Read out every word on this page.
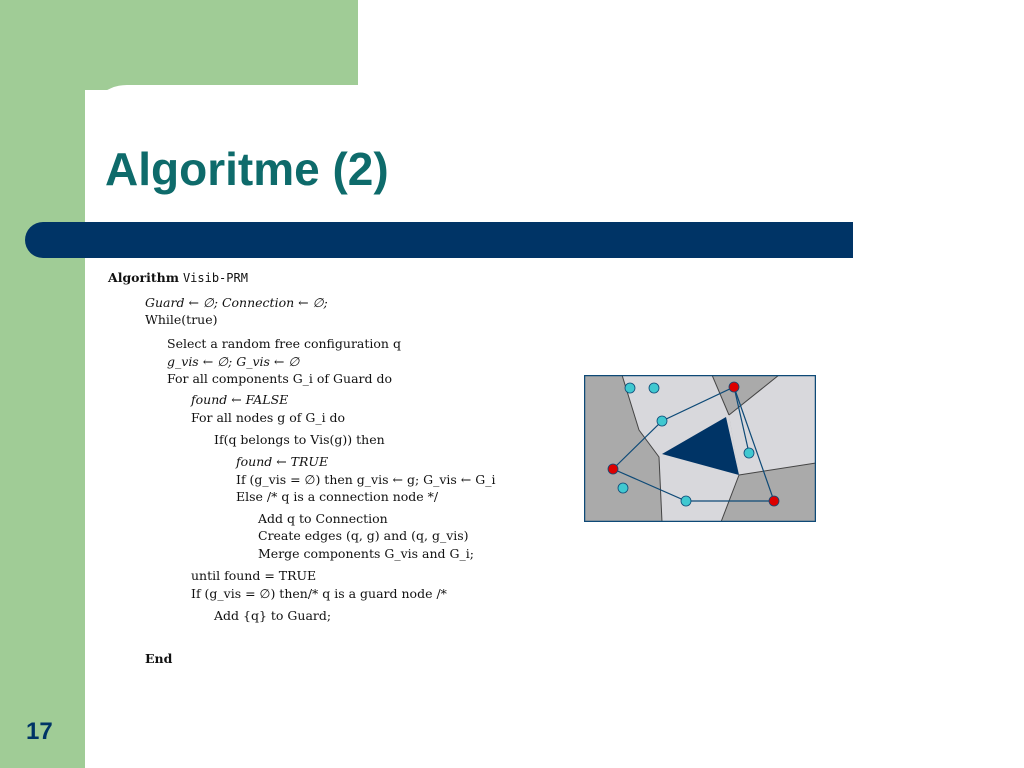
Algoritme (2)
Algorithm Visib-PRM
Guard ← ∅; Connection ← ∅;
While(true)
Select a random free configuration q
g_vis ← ∅; G_vis ← ∅
For all components G_i of Guard do
found ← FALSE
For all nodes g of G_i do
If(q belongs to Vis(g)) then
found ← TRUE
If (g_vis = ∅) then g_vis ← g; G_vis ← G_i
Else /* q is a connection node */
Add q to Connection
Create edges (q, g) and (q, g_vis)
Merge components G_vis and G_i;
until found = TRUE
If (g_vis = ∅) then/* q is a guard node /*
Add {q} to Guard;
End
17
